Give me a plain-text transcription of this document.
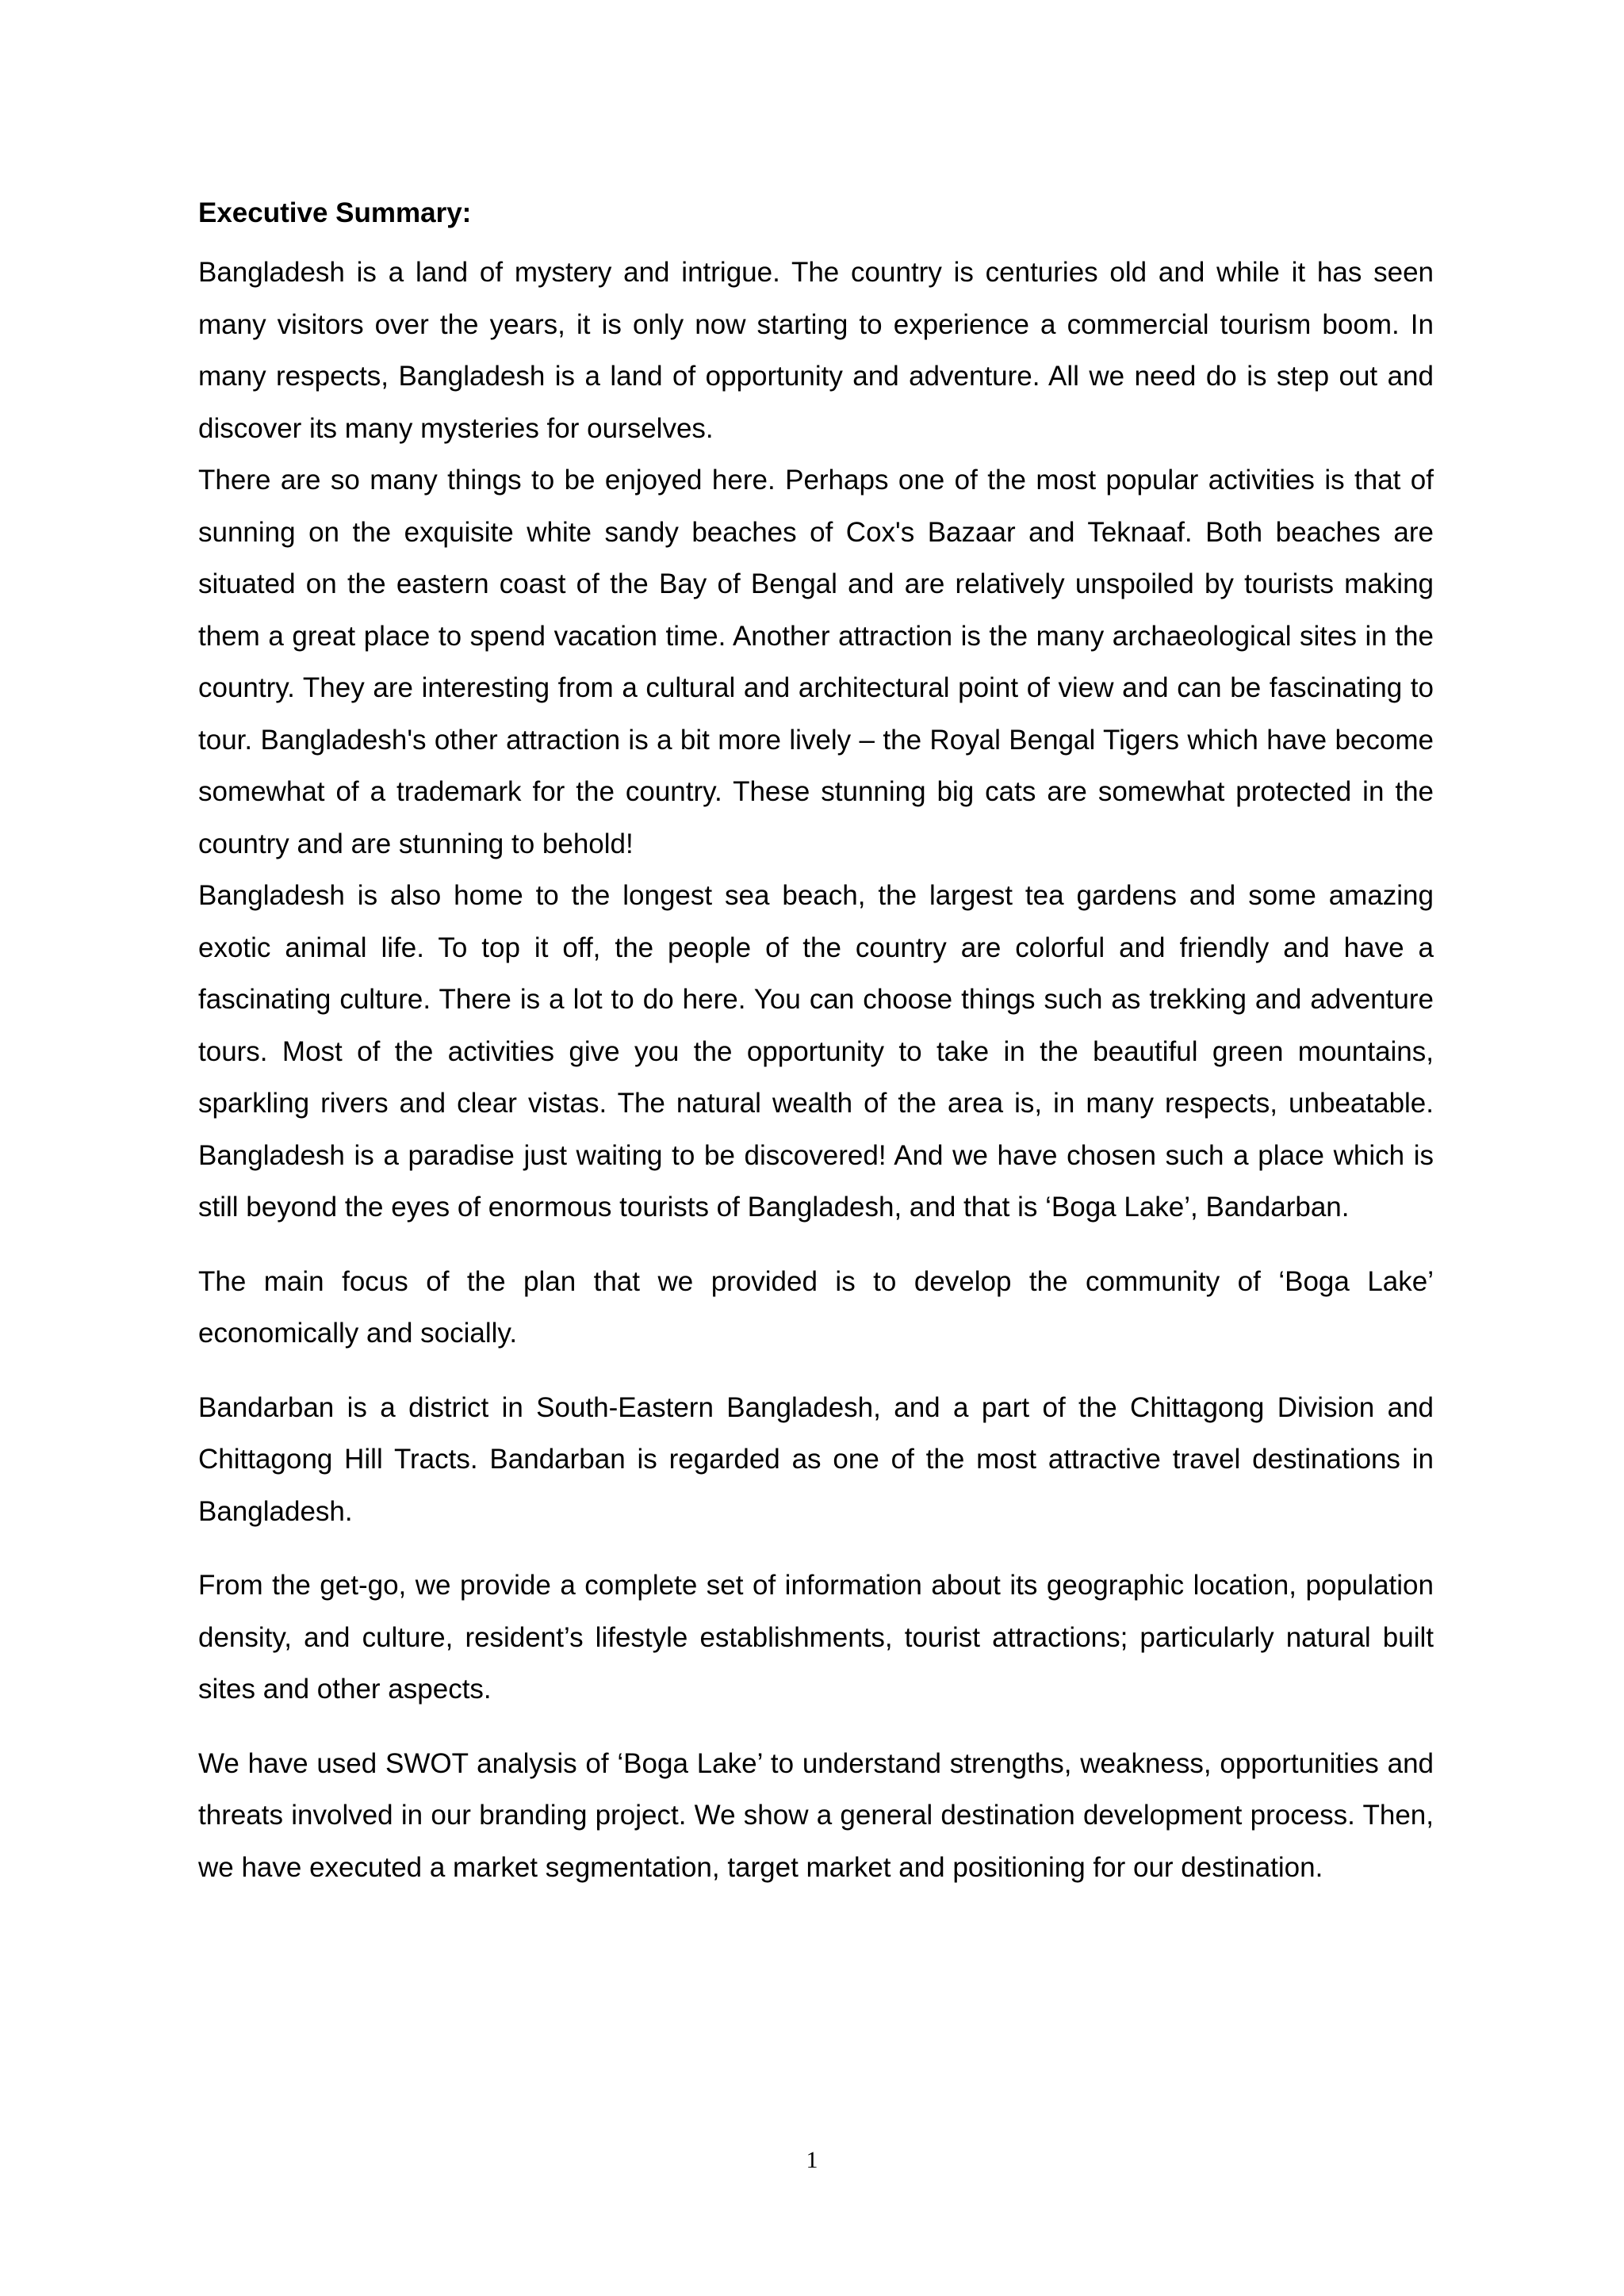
Executive Summary:

Bangladesh is a land of mystery and intrigue. The country is centuries old and while it has seen many visitors over the years, it is only now starting to experience a commercial tourism boom. In many respects, Bangladesh is a land of opportunity and adventure. All we need do is step out and discover its many mysteries for ourselves.

There are so many things to be enjoyed here. Perhaps one of the most popular activities is that of sunning on the exquisite white sandy beaches of Cox's Bazaar and Teknaaf. Both beaches are situated on the eastern coast of the Bay of Bengal and are relatively unspoiled by tourists making them a great place to spend vacation time. Another attraction is the many archaeological sites in the country. They are interesting from a cultural and architectural point of view and can be fascinating to tour. Bangladesh's other attraction is a bit more lively – the Royal Bengal Tigers which have become somewhat of a trademark for the country. These stunning big cats are somewhat protected in the country and are stunning to behold!

Bangladesh is also home to the longest sea beach, the largest tea gardens and some amazing exotic animal life. To top it off, the people of the country are colorful and friendly and have a fascinating culture. There is a lot to do here. You can choose things such as trekking and adventure tours. Most of the activities give you the opportunity to take in the beautiful green mountains, sparkling rivers and clear vistas. The natural wealth of the area is, in many respects, unbeatable. Bangladesh is a paradise just waiting to be discovered! And we have chosen such a place which is still beyond the eyes of enormous tourists of Bangladesh, and that is ‘Boga Lake’, Bandarban.

The main focus of the plan that we provided is to develop the community of ‘Boga Lake’ economically and socially.

Bandarban is a district in South-Eastern Bangladesh, and a part of the Chittagong Division and Chittagong Hill Tracts. Bandarban is regarded as one of the most attractive travel destinations in Bangladesh.

From the get-go, we provide a complete set of information about its geographic location, population density, and culture, resident’s lifestyle establishments, tourist attractions; particularly natural built sites and other aspects.

We have used SWOT analysis of ‘Boga Lake’ to understand strengths, weakness, opportunities and threats involved in our branding project. We show a general destination development process. Then, we have executed a market segmentation, target market and positioning for our destination.

1
